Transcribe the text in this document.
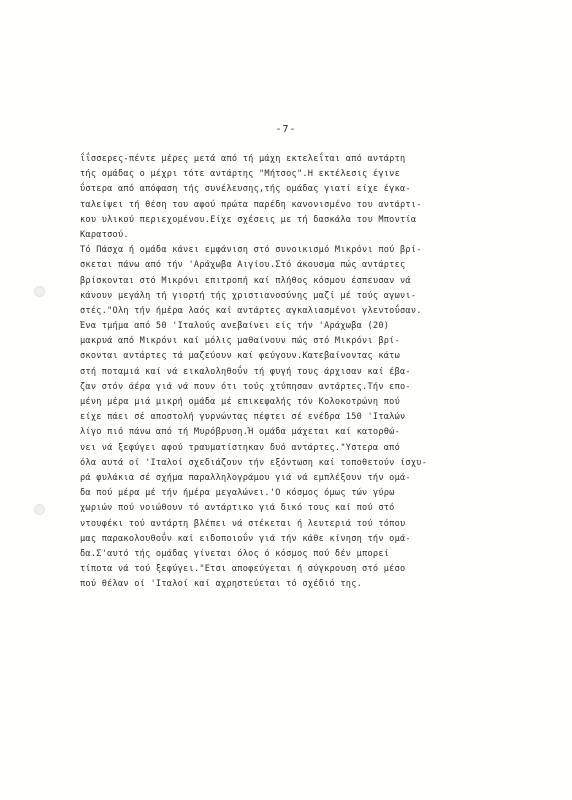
-7-
ΐΐσσερες-πέντε μέρες μετά από τή μάχη εκτελεΐται από αντάρτη
τής ομάδας ο μέχρι τότε αντάρτης "Μήτσος".Η εκτέλεσις έγινε
ΰστερα από απόφαση τής συνέλευσης,τής ομάδας γιατί είχε έγκα-
ταλείψει τή θέση του αφού πρώτα παρέδη κανονισμένο του αντάρτι-
κου υλικού περιεχομένου.Είχε σχέσεις με τή δασκάλα του Μποντία
Καρατσού.
Τό Πάσχα ή ομάδα κάνει εμφάνιση στό συνοικισμό Μικρόνι πού βρί-
σκεται πάνω από τήν 'Αράχωβα Αιγίου.Στό άκουσμα πώς αντάρτες
βρίσκονται στό Μικρόνι επιτροπή καί πλήθος κόσμου έσπευσαν νά
κάνουν μεγάλη τή γιορτή τής χριστιανοσύνης μαζί μέ τούς αγωνι-
στές."Ολη τήν ήμέρα λαός καί αντάρτες αγκαλιασμένοι γλεντοΰσαν.
Ένα τμήμα από 50 'Ιταλούς ανεβαίνει είς τήν 'Αράχωβα (20)
μακρυά από Μικρόνι καί μόλις μαθαίνουν πώς στό Μικρόνι βρί-
σκονται αντάρτες τά μαζεύουν καί φεύγουν.Κατεβαίνοντας κάτω
στή ποταμιά καί νά εικαλοληθοΰν τή φυγή τους άρχισαν καί έβα-
ζαν στόν άέρα γιά νά πουν ότι τούς χτύπησαν αντάρτες.Τήν επο-
μένη μέρα μιά μικρή ομάδα μέ επικεφαλής τόν Κολοκοτρώνη πού
είχε πάει σέ αποστολή γυρνώντας πέφτει σέ ενέδρα 150 'Ιταλών
λίγο πιό πάνω από τή Μυρόβρυση.Ή ομάδα μάχεται καί κατορθώ-
νει νά ξεφύγει αφού τραυματίστηκαν δυό αντάρτες."Υστερα από
όλα αυτά οί 'Ιταλοί σχεδιάζουν τήν εξόντωση καί τοποθετούν ίσχυ-
ρά φυλάκια σέ σχήμα παραλληλογράμου γιά νά εμπλέξουν τήν ομά-
δα πού μέρα μέ τήν ήμέρα μεγαλώνει.'Ο κόσμος όμως τών γύρω
χωριών πού νοιώθουν τό αντάρτικο γιά δικό τους καί πού στό
ντουφέκι τού αντάρτη βλέπει νά στέκεται ή λευτεριά τού τόπου
μας παρακολουθοΰν καί ειδοποιοΰν γιά τήν κάθε κίνηση τήν ομά-
δα.Σ'αυτό τής ομάδας γίνεται όλος ό κόσμος πού δέν μπορεί
τίποτα νά τού ξεφύγει."Ετσι αποφεύγεται ή σύγκρουση στό μέσο
πού θέλαν οί 'Ιταλοί καί αχρηστεύεται τό σχέδιό της.
